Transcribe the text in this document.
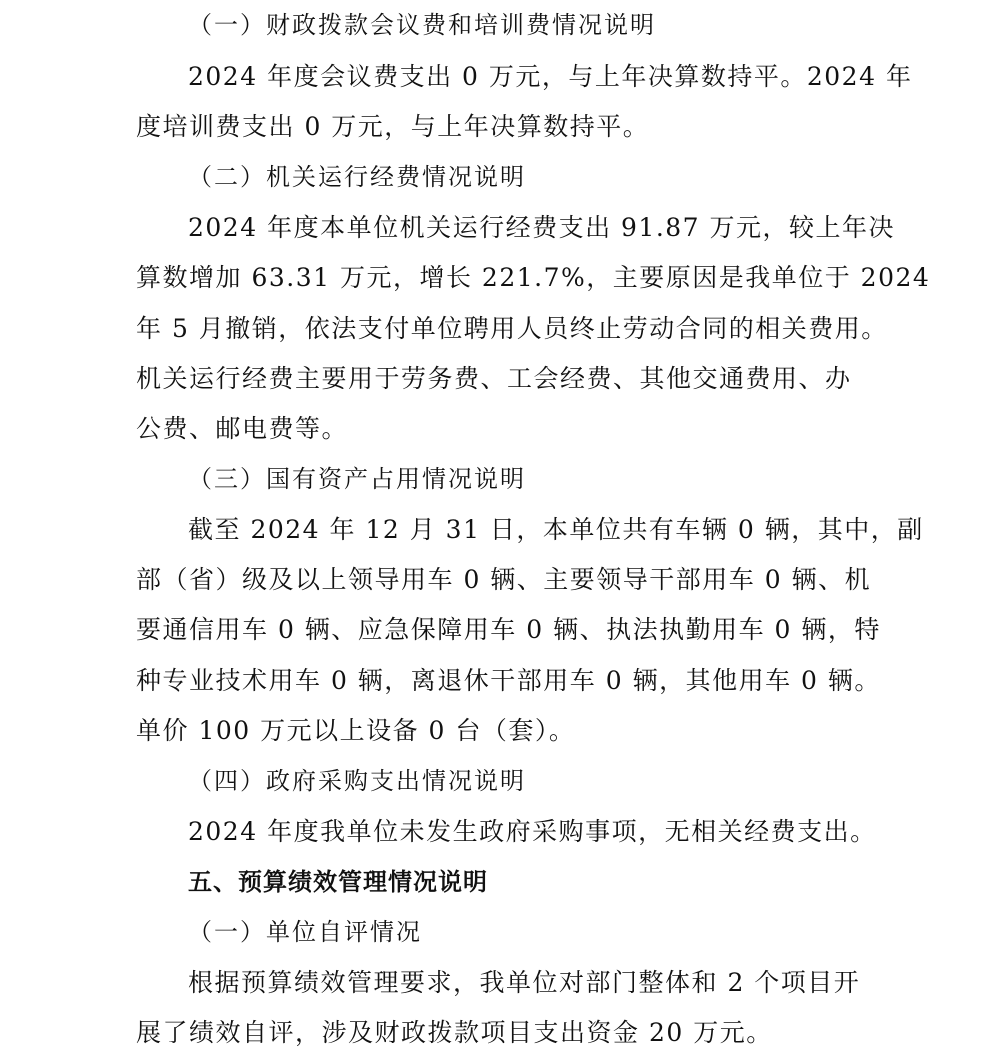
（一）财政拨款会议费和培训费情况说明
2024 年度会议费支出 0 万元，与上年决算数持平。2024 年
度培训费支出 0 万元，与上年决算数持平。
（二）机关运行经费情况说明
2024 年度本单位机关运行经费支出 91.87 万元，较上年决
算数增加 63.31 万元，增长 221.7%，主要原因是我单位于 2024
年 5 月撤销，依法支付单位聘用人员终止劳动合同的相关费用。
机关运行经费主要用于劳务费、工会经费、其他交通费用、办
公费、邮电费等。
（三）国有资产占用情况说明
截至 2024 年 12 月 31 日，本单位共有车辆 0 辆，其中，副
部（省）级及以上领导用车 0 辆、主要领导干部用车 0 辆、机
要通信用车 0 辆、应急保障用车 0 辆、执法执勤用车 0 辆，特
种专业技术用车 0 辆，离退休干部用车 0 辆，其他用车 0 辆。
单价 100 万元以上设备 0 台（套）。
（四）政府采购支出情况说明
2024 年度我单位未发生政府采购事项，无相关经费支出。
五、预算绩效管理情况说明
（一）单位自评情况
根据预算绩效管理要求，我单位对部门整体和 2 个项目开
展了绩效自评，涉及财政拨款项目支出资金 20 万元。
